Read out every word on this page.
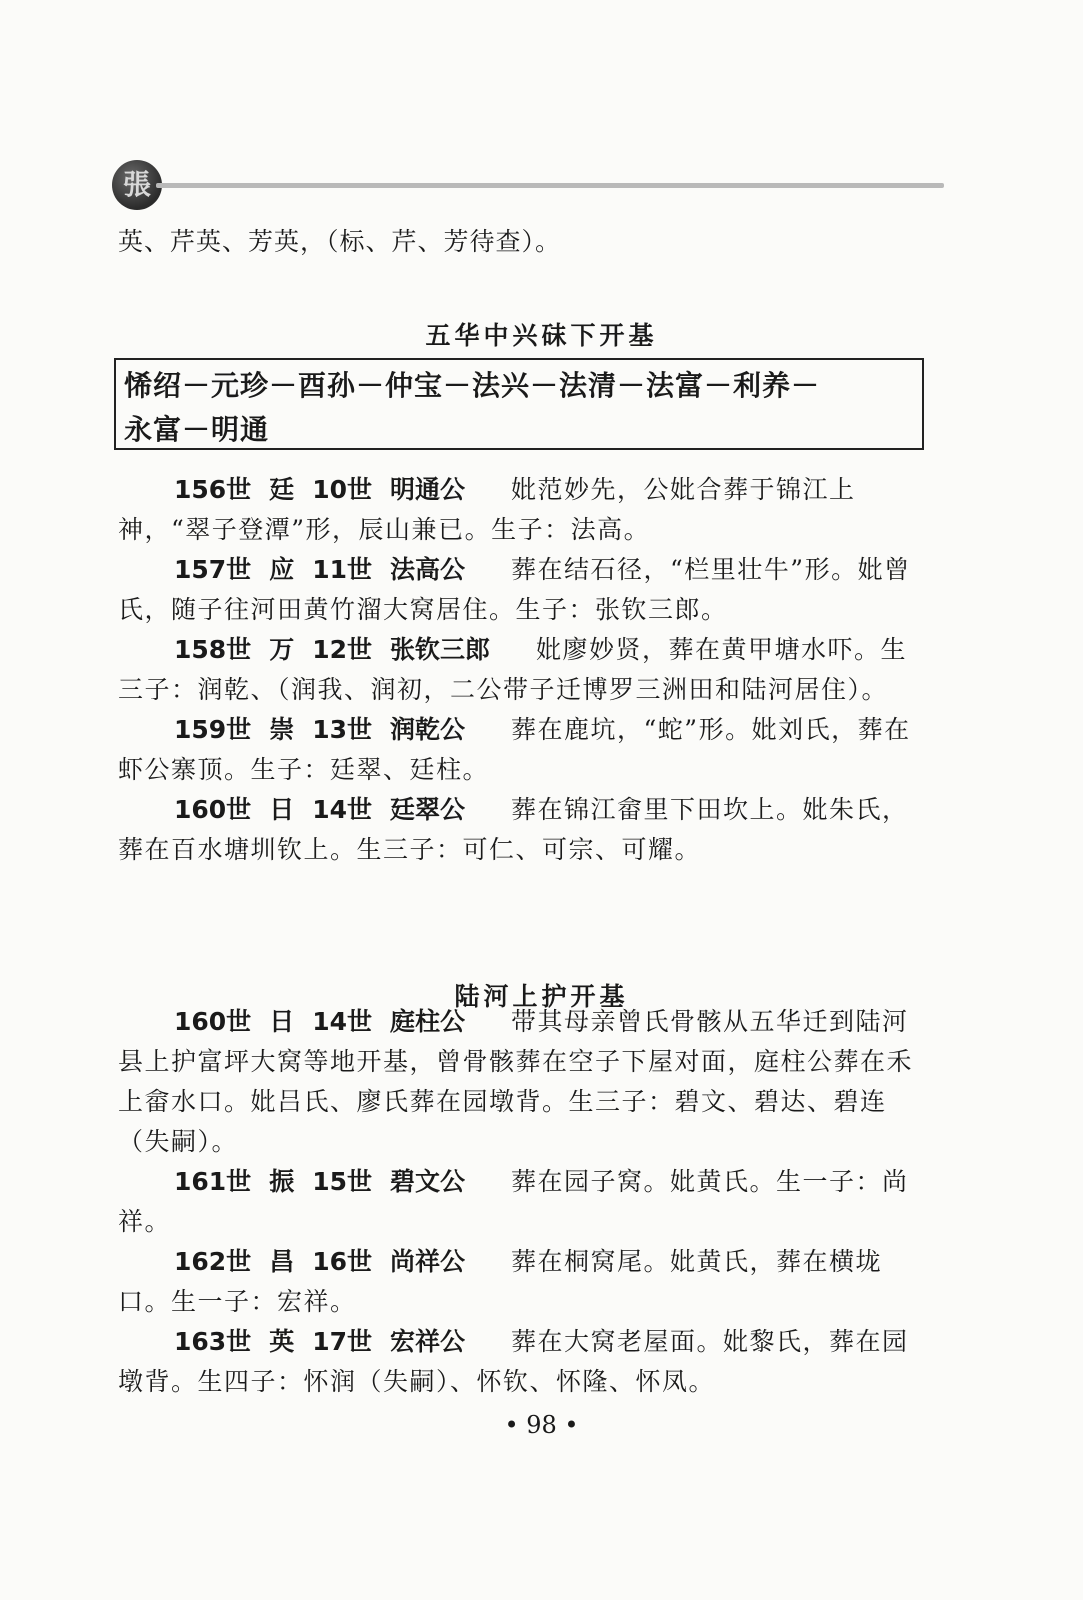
張
英、芹英、芳英，（标、芹、芳待查）。
五华中兴砞下开基
悕绍－元珍－酉孙－仲宝－法兴－法清－法富－利养－
永富－明通

156世 廷 10世 明通公 妣范妙先，公妣合葬于锦江上神，“翠子登潭”形，辰山兼已。生子：法高。

157世 应 11世 法高公 葬在结石径，“栏里壮牛”形。妣曾氏，随子往河田黄竹溜大窝居住。生子：张钦三郎。

158世 万 12世 张钦三郎 妣廖妙贤，葬在黄甲塘水吓。生三子：润乾、（润我、润初，二公带子迁博罗三洲田和陆河居住）。

159世 崇 13世 润乾公 葬在鹿坑，“蛇”形。妣刘氏，葬在虾公寨顶。生子：廷翠、廷柱。

160世 日 14世 廷翠公 葬在锦江畲里下田坎上。妣朱氏，葬在百水塘圳钦上。生三子：可仁、可宗、可耀。

陆河上护开基

160世 日 14世 庭柱公 带其母亲曾氏骨骸从五华迁到陆河县上护富坪大窝等地开基，曾骨骸葬在空子下屋对面，庭柱公葬在禾上畲水口。妣吕氏、廖氏葬在园墩背。生三子：碧文、碧达、碧连（失嗣）。

161世 振 15世 碧文公 葬在园子窝。妣黄氏。生一子：尚祥。

162世 昌 16世 尚祥公 葬在桐窝尾。妣黄氏，葬在横垅口。生一子：宏祥。

163世 英 17世 宏祥公 葬在大窝老屋面。妣黎氏，葬在园墩背。生四子：怀润（失嗣）、怀钦、怀隆、怀凤。

• 98 •
